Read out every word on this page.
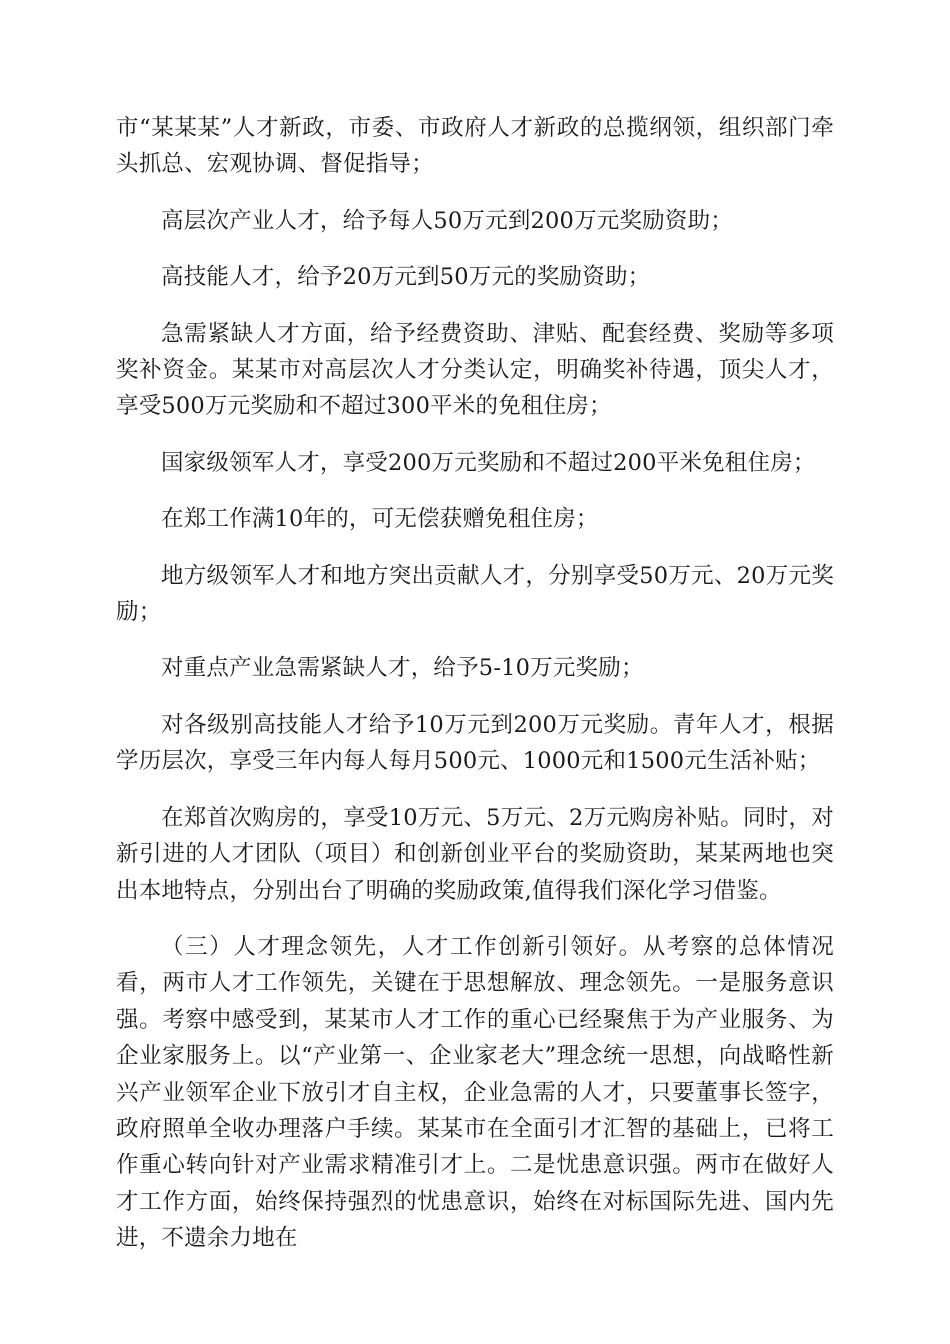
市“某某某”人才新政，市委、市政府人才新政的总揽纲领，组织部门牵头抓总、宏观协调、督促指导；

高层次产业人才，给予每人50万元到200万元奖励资助；

高技能人才，给予20万元到50万元的奖励资助；

急需紧缺人才方面，给予经费资助、津贴、配套经费、奖励等多项奖补资金。某某市对高层次人才分类认定，明确奖补待遇，顶尖人才，享受500万元奖励和不超过300平米的免租住房；

国家级领军人才，享受200万元奖励和不超过200平米免租住房；

在郑工作满10年的，可无偿获赠免租住房；

地方级领军人才和地方突出贡献人才，分别享受50万元、20万元奖励；

对重点产业急需紧缺人才，给予5-10万元奖励；

对各级别高技能人才给予10万元到200万元奖励。青年人才，根据学历层次，享受三年内每人每月500元、1000元和1500元生活补贴；

在郑首次购房的，享受10万元、5万元、2万元购房补贴。同时，对新引进的人才团队（项目）和创新创业平台的奖励资助，某某两地也突出本地特点，分别出台了明确的奖励政策,值得我们深化学习借鉴。

（三）人才理念领先，人才工作创新引领好。从考察的总体情况看，两市人才工作领先，关键在于思想解放、理念领先。一是服务意识强。考察中感受到，某某市人才工作的重心已经聚焦于为产业服务、为企业家服务上。以“产业第一、企业家老大”理念统一思想，向战略性新兴产业领军企业下放引才自主权，企业急需的人才，只要董事长签字，政府照单全收办理落户手续。某某市在全面引才汇智的基础上，已将工作重心转向针对产业需求精准引才上。二是忧患意识强。两市在做好人才工作方面，始终保持强烈的忧患意识，始终在对标国际先进、国内先进，不遗余力地在
